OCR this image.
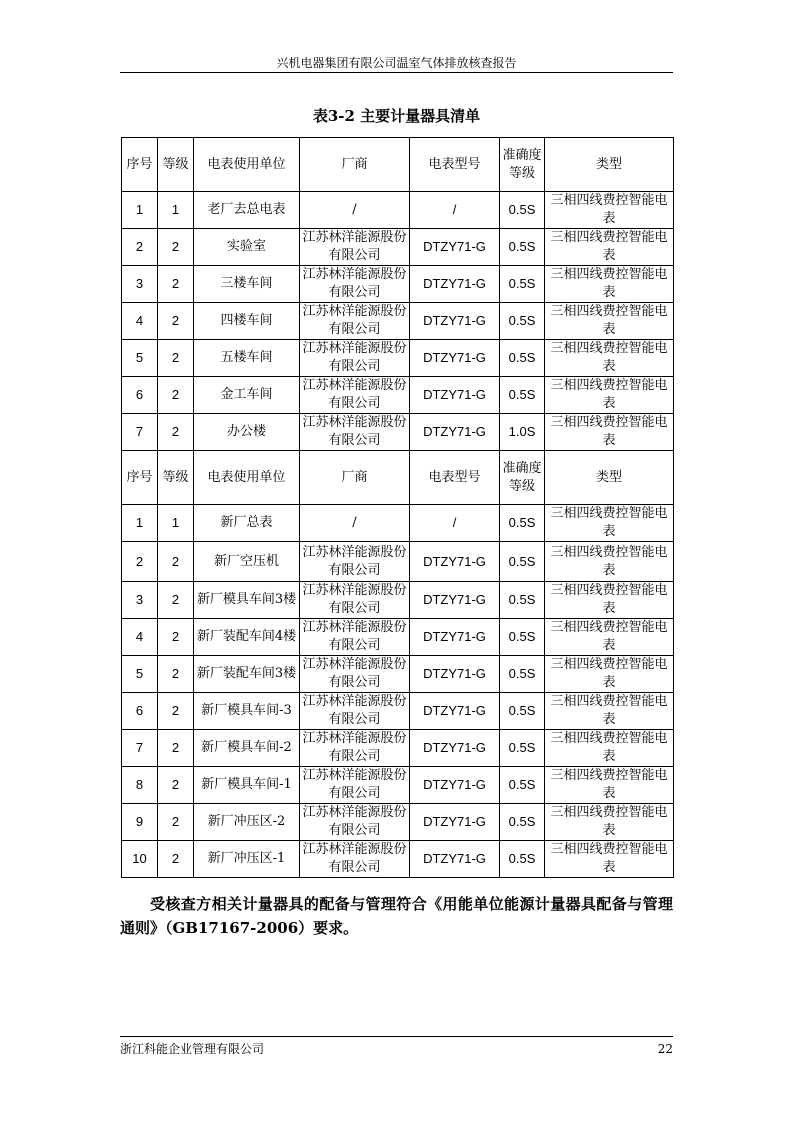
兴机电器集团有限公司温室气体排放核查报告
表3-2 主要计量器具清单
序号	等级	电表使用单位	厂商	电表型号	准确度等级	类型
1	1	老厂去总电表	/	/	0.5S	三相四线费控智能电表
2	2	实验室	江苏林洋能源股份有限公司	DTZY71-G	0.5S	三相四线费控智能电表
3	2	三楼车间	江苏林洋能源股份有限公司	DTZY71-G	0.5S	三相四线费控智能电表
4	2	四楼车间	江苏林洋能源股份有限公司	DTZY71-G	0.5S	三相四线费控智能电表
5	2	五楼车间	江苏林洋能源股份有限公司	DTZY71-G	0.5S	三相四线费控智能电表
6	2	金工车间	江苏林洋能源股份有限公司	DTZY71-G	0.5S	三相四线费控智能电表
7	2	办公楼	江苏林洋能源股份有限公司	DTZY71-G	1.0S	三相四线费控智能电表
序号	等级	电表使用单位	厂商	电表型号	准确度等级	类型
1	1	新厂总表	/	/	0.5S	三相四线费控智能电表
2	2	新厂空压机	江苏林洋能源股份有限公司	DTZY71-G	0.5S	三相四线费控智能电表
3	2	新厂模具车间3楼	江苏林洋能源股份有限公司	DTZY71-G	0.5S	三相四线费控智能电表
4	2	新厂装配车间4楼	江苏林洋能源股份有限公司	DTZY71-G	0.5S	三相四线费控智能电表
5	2	新厂装配车间3楼	江苏林洋能源股份有限公司	DTZY71-G	0.5S	三相四线费控智能电表
6	2	新厂模具车间-3	江苏林洋能源股份有限公司	DTZY71-G	0.5S	三相四线费控智能电表
7	2	新厂模具车间-2	江苏林洋能源股份有限公司	DTZY71-G	0.5S	三相四线费控智能电表
8	2	新厂模具车间-1	江苏林洋能源股份有限公司	DTZY71-G	0.5S	三相四线费控智能电表
9	2	新厂冲压区-2	江苏林洋能源股份有限公司	DTZY71-G	0.5S	三相四线费控智能电表
10	2	新厂冲压区-1	江苏林洋能源股份有限公司	DTZY71-G	0.5S	三相四线费控智能电表
受核查方相关计量器具的配备与管理符合《用能单位能源计量器具配备与管理通则》（GB17167-2006）要求。
浙江科能企业管理有限公司	22
